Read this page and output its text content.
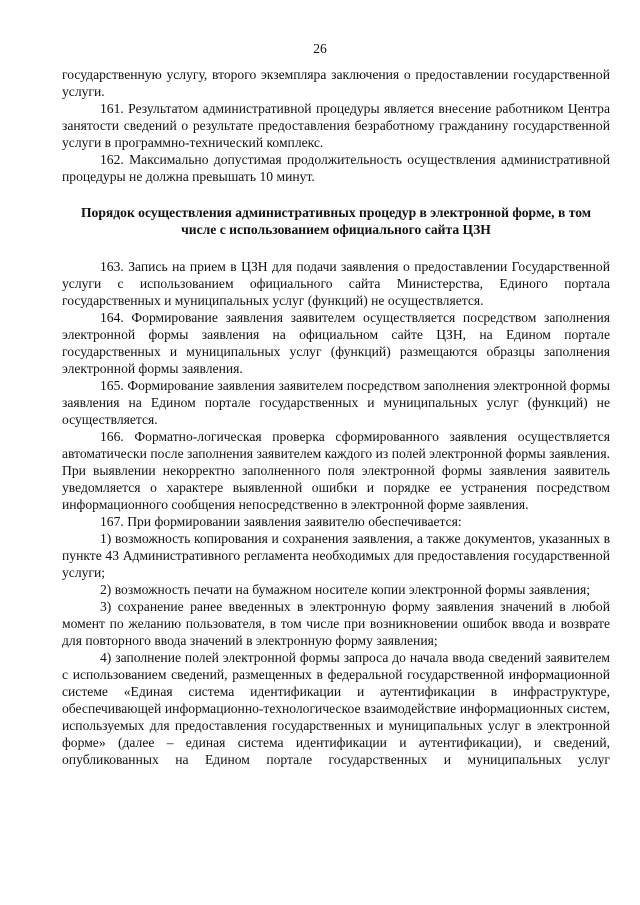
26

государственную услугу, второго экземпляра заключения о предоставлении государственной услуги.

161. Результатом административной процедуры является внесение работником Центра занятости сведений о результате предоставления безработному гражданину государственной услуги в программно-технический комплекс.

162. Максимально допустимая продолжительность осуществления административной процедуры не должна превышать 10 минут.

Порядок осуществления административных процедур в электронной форме, в том числе с использованием официального сайта ЦЗН

163. Запись на прием в ЦЗН для подачи заявления о предоставлении Государственной услуги с использованием официального сайта Министерства, Единого портала государственных и муниципальных услуг (функций) не осуществляется.

164. Формирование заявления заявителем осуществляется посредством заполнения электронной формы заявления на официальном сайте ЦЗН, на Едином портале государственных и муниципальных услуг (функций) размещаются образцы заполнения электронной формы заявления.

165. Формирование заявления заявителем посредством заполнения электронной формы заявления на Едином портале государственных и муниципальных услуг (функций) не осуществляется.

166. Форматно-логическая проверка сформированного заявления осуществляется автоматически после заполнения заявителем каждого из полей электронной формы заявления. При выявлении некорректно заполненного поля электронной формы заявления заявитель уведомляется о характере выявленной ошибки и порядке ее устранения посредством информационного сообщения непосредственно в электронной форме заявления.

167. При формировании заявления заявителю обеспечивается:

1) возможность копирования и сохранения заявления, а также документов, указанных в пункте 43 Административного регламента необходимых для предоставления государственной услуги;

2) возможность печати на бумажном носителе копии электронной формы заявления;

3) сохранение ранее введенных в электронную форму заявления значений в любой момент по желанию пользователя, в том числе при возникновении ошибок ввода и возврате для повторного ввода значений в электронную форму заявления;

4) заполнение полей электронной формы запроса до начала ввода сведений заявителем с использованием сведений, размещенных в федеральной государственной информационной системе «Единая система идентификации и аутентификации в инфраструктуре, обеспечивающей информационно-технологическое взаимодействие информационных систем, используемых для предоставления государственных и муниципальных услуг в электронной форме» (далее – единая система идентификации и аутентификации), и сведений, опубликованных на Едином портале государственных и муниципальных услуг
